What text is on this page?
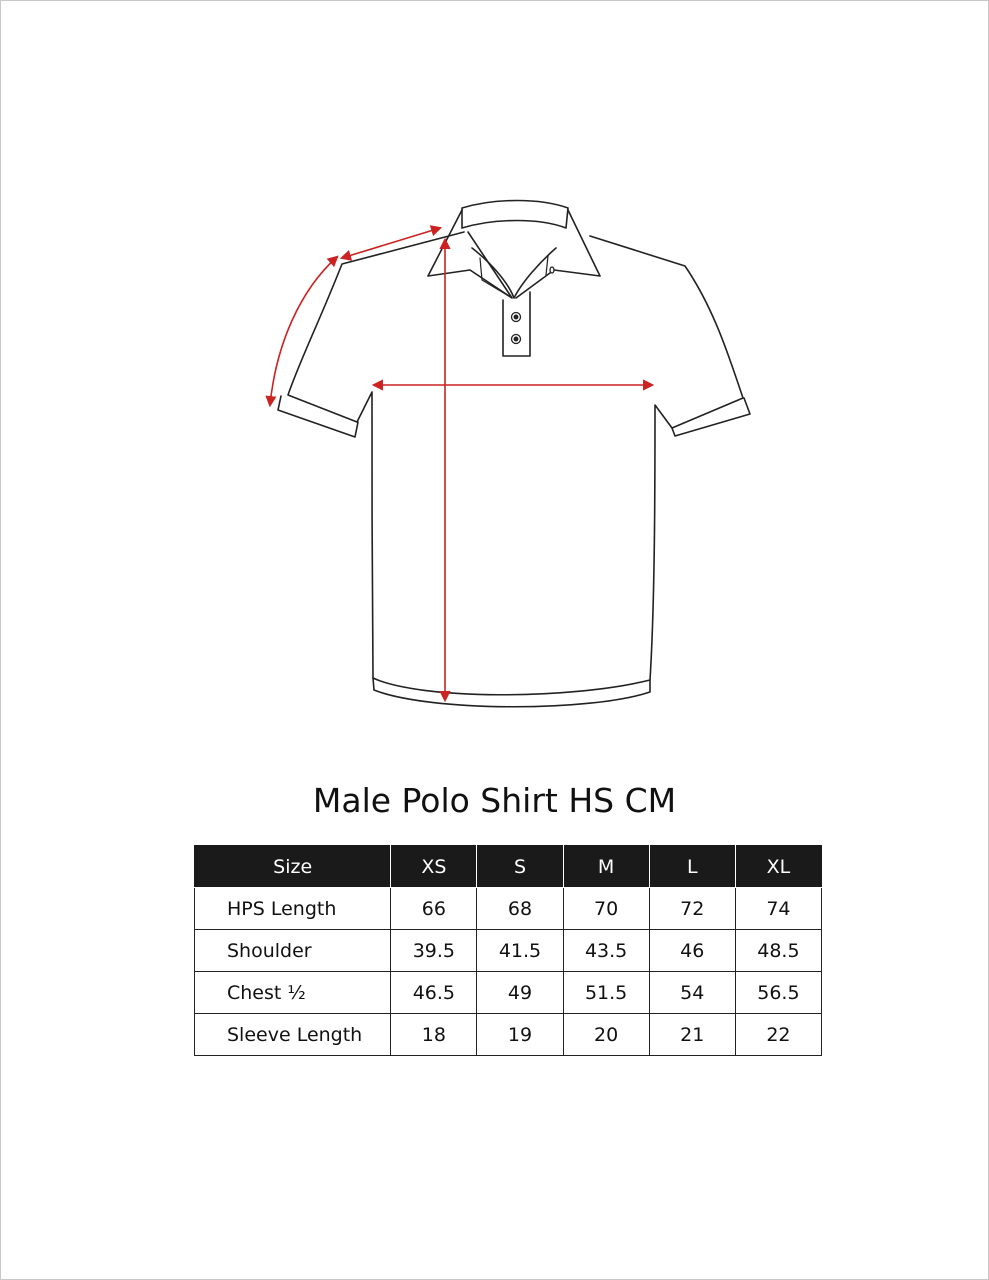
Male Polo Shirt HS CM
Size	XS	S	M	L	XL
HPS Length	66	68	70	72	74
Shoulder	39.5	41.5	43.5	46	48.5
Chest ½	46.5	49	51.5	54	56.5
Sleeve Length	18	19	20	21	22
